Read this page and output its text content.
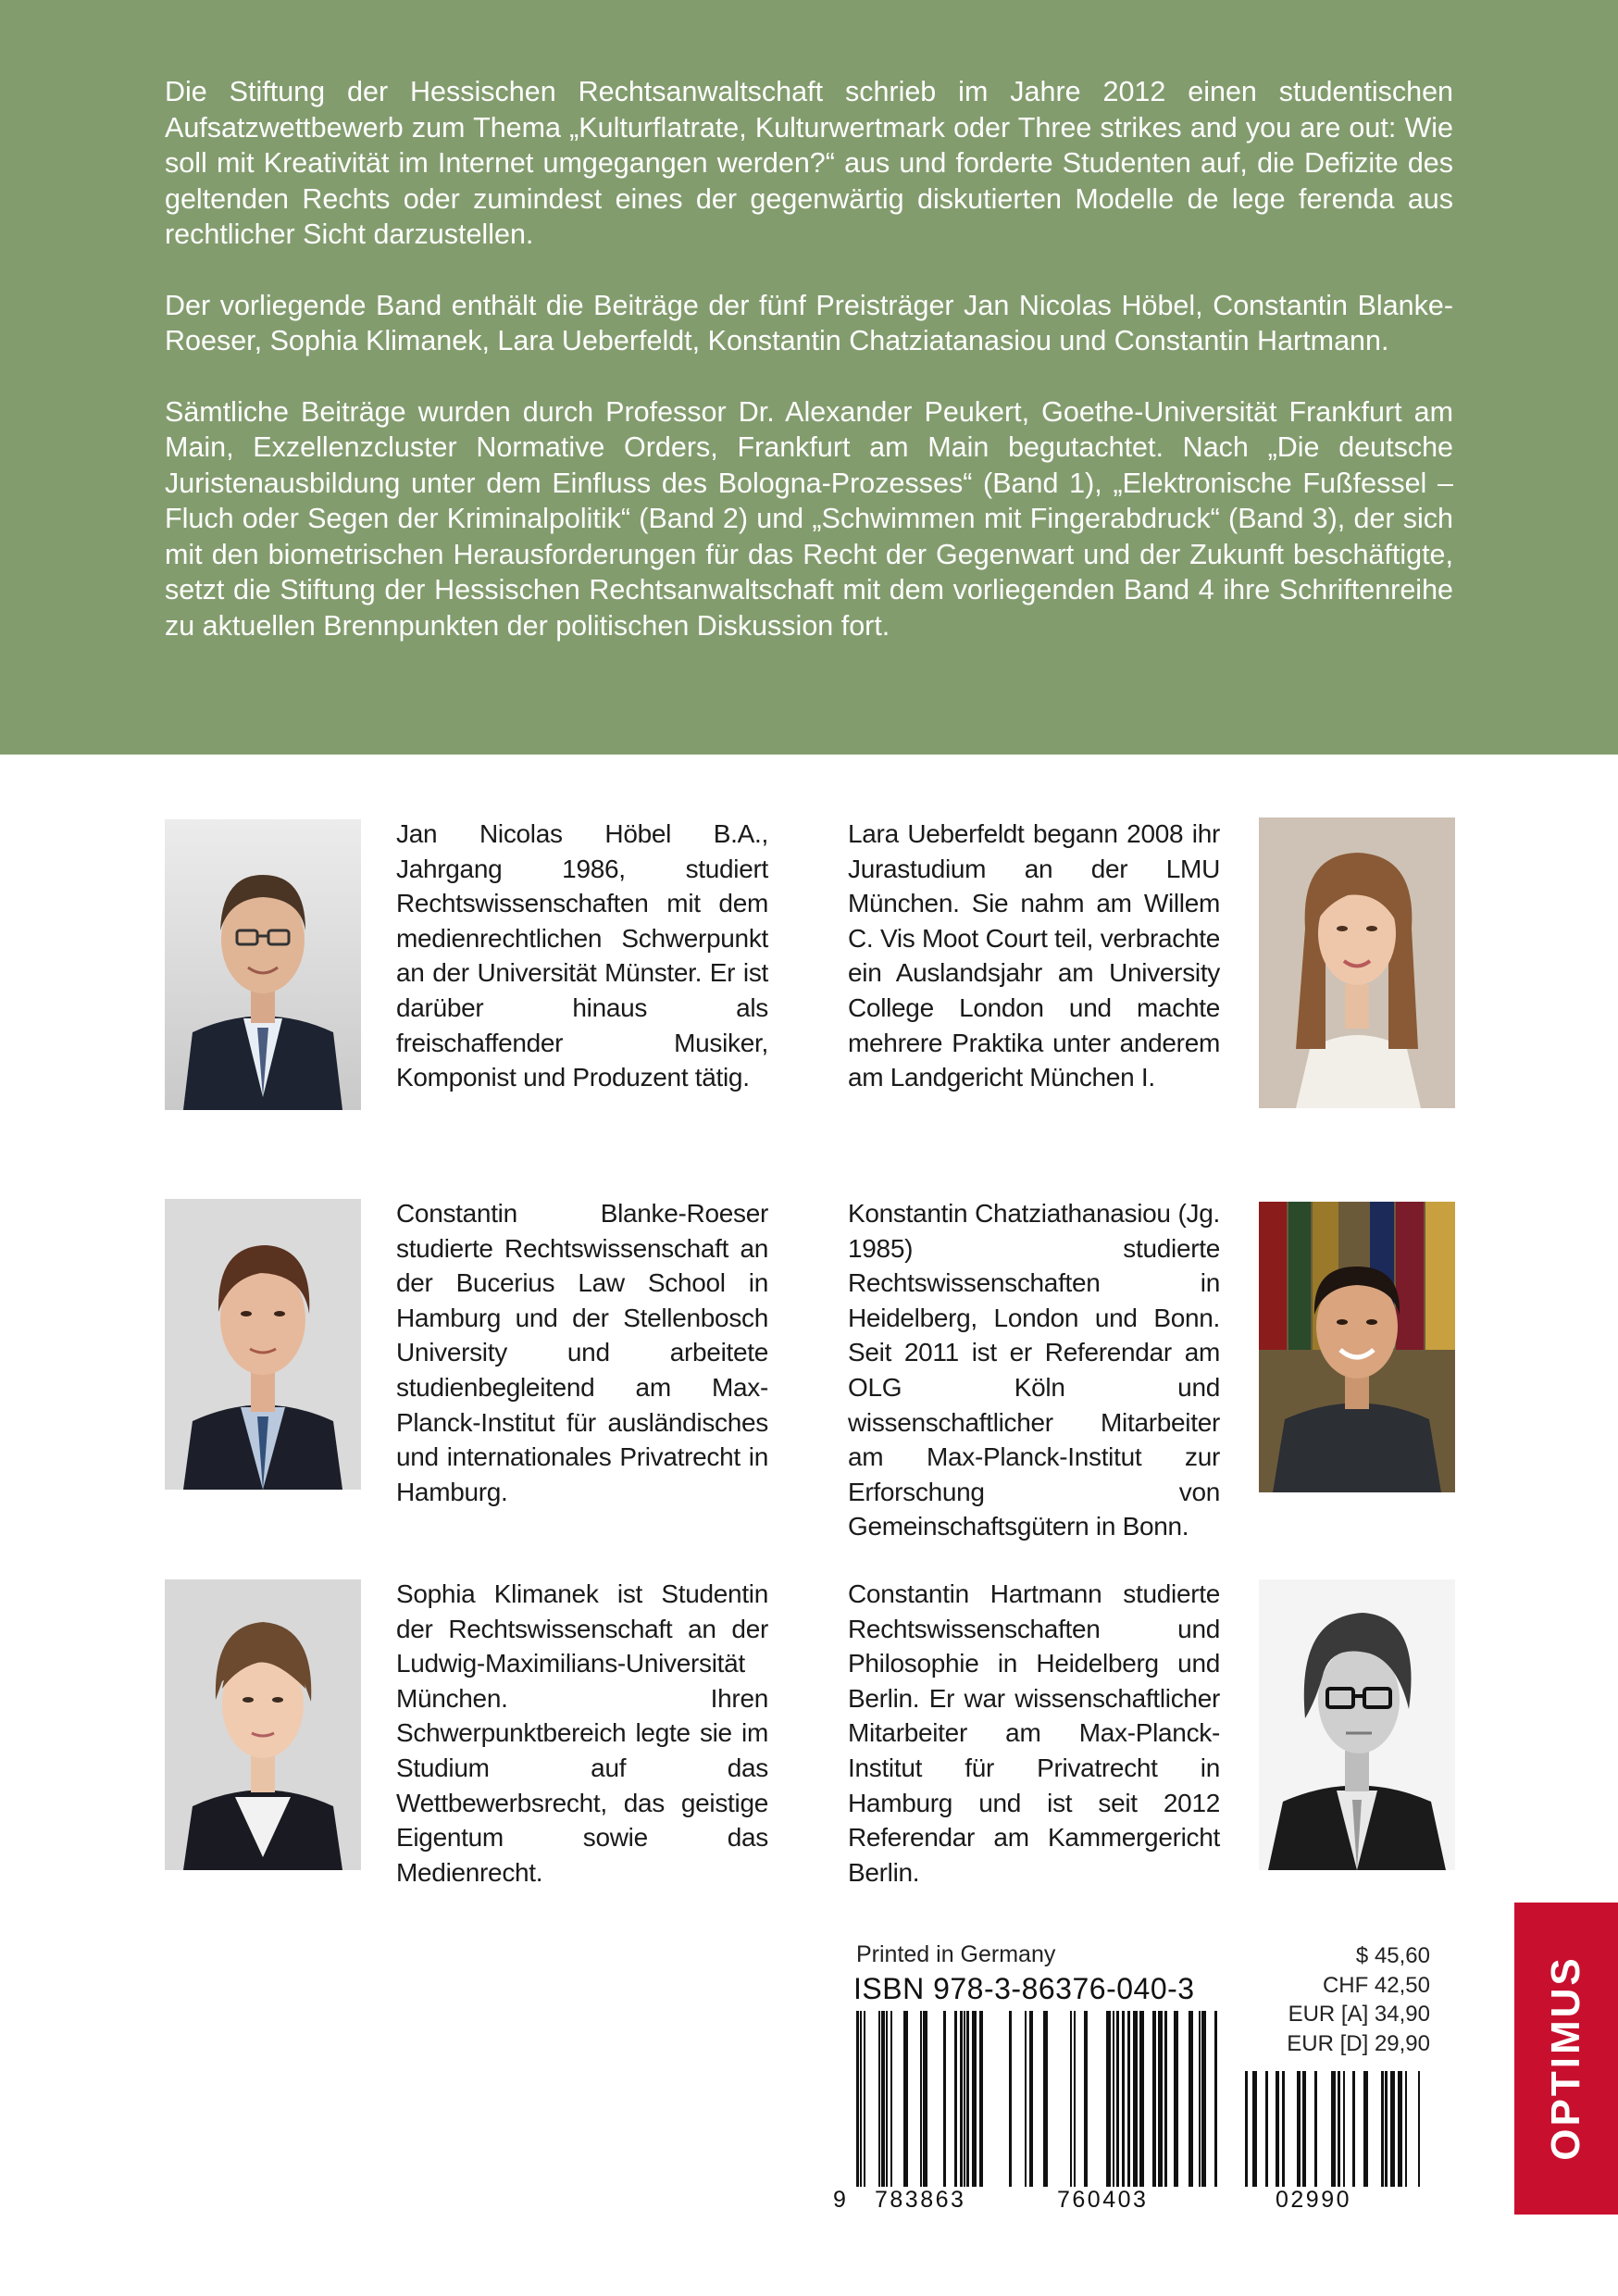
Die Stiftung der Hessischen Rechtsanwaltschaft schrieb im Jahre 2012 einen studentischen Aufsatzwettbewerb zum Thema „Kulturflatrate, Kulturwertmark oder Three strikes and you are out: Wie soll mit Kreativität im Internet umgegangen werden?“ aus und forderte Studenten auf, die Defizite des geltenden Rechts oder zumindest eines der gegenwärtig diskutierten Modelle de lege ferenda aus rechtlicher Sicht darzustellen.

Der vorliegende Band enthält die Beiträge der fünf Preisträger Jan Nicolas Höbel, Constantin Blanke-Roeser, Sophia Klimanek, Lara Ueberfeldt, Konstantin Chatziatanasiou und Constantin Hartmann.

Sämtliche Beiträge wurden durch Professor Dr. Alexander Peukert, Goethe-Universität Frankfurt am Main, Exzellenzcluster Normative Orders, Frankfurt am Main begutachtet. Nach „Die deutsche Juristenausbildung unter dem Einfluss des Bologna-Prozesses“ (Band 1), „Elektronische Fußfessel – Fluch oder Segen der Kriminalpolitik“ (Band 2) und „Schwimmen mit Fingerabdruck“ (Band 3), der sich mit den biometrischen Herausforderungen für das Recht der Gegenwart und der Zukunft beschäftigte, setzt die Stiftung der Hessischen Rechtsanwaltschaft mit dem vorliegenden Band 4 ihre Schriftenreihe zu aktuellen Brennpunkten der politischen Diskussion fort.

Jan Nicolas Höbel B.A., Jahrgang 1986, studiert Rechtswissenschaften mit dem medienrechtlichen Schwerpunkt an der Universität Münster. Er ist darüber hinaus als freischaffender Musiker, Komponist und Produzent tätig.
Lara Ueberfeldt begann 2008 ihr Jurastudium an der LMU München. Sie nahm am Willem C. Vis Moot Court teil, verbrachte ein Auslandsjahr am University College London und machte mehrere Praktika unter anderem am Landgericht München I.
Constantin Blanke-Roeser studierte Rechtswissenschaft an der Bucerius Law School in Hamburg und der Stellenbosch University und arbeitete studienbegleitend am Max-Planck-Institut für ausländisches und internationales Privatrecht in Hamburg.
Konstantin Chatziathanasiou (Jg. 1985) studierte Rechtswissenschaften in Heidelberg, London und Bonn. Seit 2011 ist er Referendar am OLG Köln und wissenschaftlicher Mitarbeiter am Max-Planck-Institut zur Erforschung von Gemeinschaftsgütern in Bonn.
Sophia Klimanek ist Studentin der Rechtswissenschaft an der Ludwig-Maximilians-Universität München. Ihren Schwerpunktbereich legte sie im Studium auf das Wettbewerbsrecht, das geistige Eigentum sowie das Medienrecht.
Constantin Hartmann studierte Rechtswissenschaften und Philosophie in Heidelberg und Berlin. Er war wissenschaftlicher Mitarbeiter am Max-Planck-Institut für Privatrecht in Hamburg und ist seit 2012 Referendar am Kammergericht Berlin.
OPTIMUS
Printed in Germany
ISBN 978-3-86376-040-3
$ 45,60
CHF 42,50
EUR [A] 34,90
EUR [D] 29,90
9 783863	760403	02990
